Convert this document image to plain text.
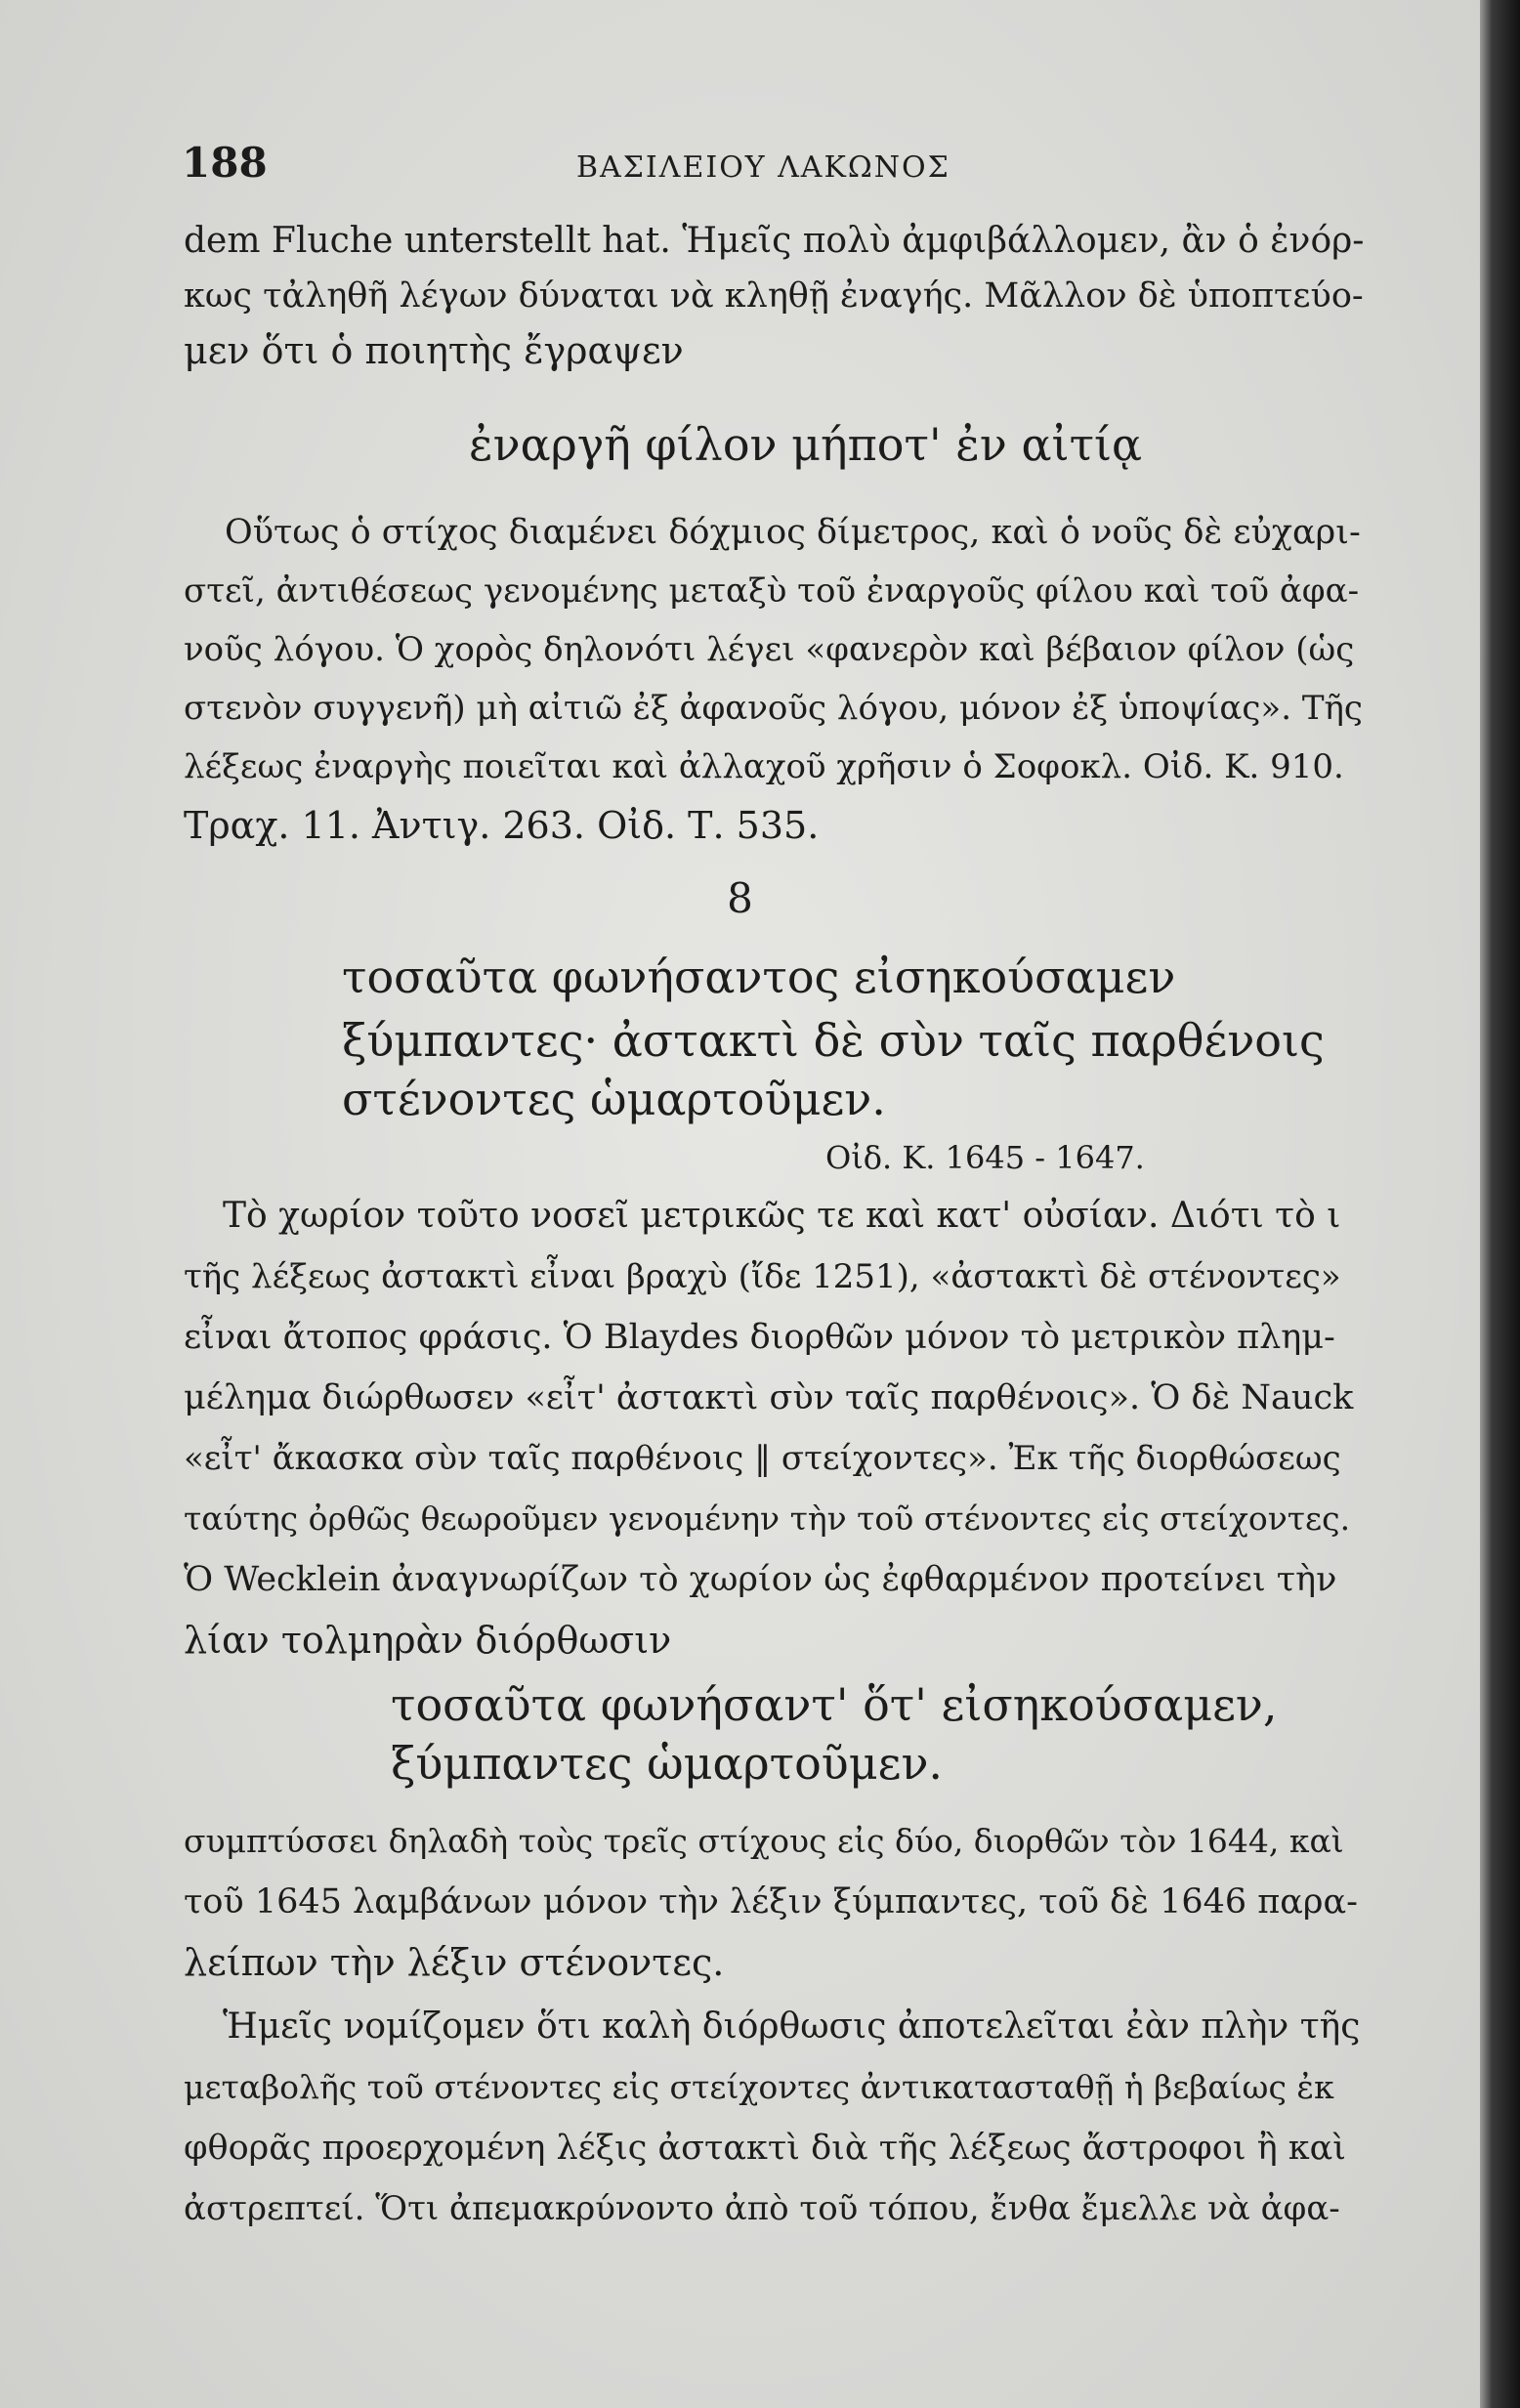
188	ΒΑΣΙΛΕΙΟΥ ΛΑΚΩΝΟΣ
dem Fluche unterstellt hat. Ἡμεῖς πολὺ ἀμφιβάλλομεν, ἂν ὁ ἐνόρ-
κως τἀληθῆ λέγων δύναται νὰ κληθῇ ἐναγής. Μᾶλλον δὲ ὑποπτεύο-
μεν ὅτι ὁ ποιητὴς ἔγραψεν
ἐναργῆ φίλον μήποτ' ἐν αἰτίᾳ
Οὕτως ὁ στίχος διαμένει δόχμιος δίμετρος, καὶ ὁ νοῦς δὲ εὐχαρι-
στεῖ, ἀντιθέσεως γενομένης μεταξὺ τοῦ ἐναργοῦς φίλου καὶ τοῦ ἀφα-
νοῦς λόγου. Ὁ χορὸς δηλονότι λέγει «φανερὸν καὶ βέβαιον φίλον (ὡς
στενὸν συγγενῆ) μὴ αἰτιῶ ἐξ ἀφανοῦς λόγου, μόνον ἐξ ὑποψίας». Τῆς
λέξεως ἐναργὴς ποιεῖται καὶ ἀλλαχοῦ χρῆσιν ὁ Σοφοκλ. Οἰδ. Κ. 910.
Τραχ. 11. Ἀντιγ. 263. Οἰδ. Τ. 535.
8
τοσαῦτα φωνήσαντος εἰσηκούσαμεν
ξύμπαντες· ἀστακτὶ δὲ σὺν ταῖς παρθένοις
στένοντες ὡμαρτοῦμεν.
Οἰδ. Κ. 1645 - 1647.
Τὸ χωρίον τοῦτο νοσεῖ μετρικῶς τε καὶ κατ' οὐσίαν. Διότι τὸ ι
τῆς λέξεως ἀστακτὶ εἶναι βραχὺ (ἴδε 1251), «ἀστακτὶ δὲ στένοντες»
εἶναι ἄτοπος φράσις. Ὁ Blaydes διορθῶν μόνον τὸ μετρικὸν πλημ-
μέλημα διώρθωσεν «εἶτ' ἀστακτὶ σὺν ταῖς παρθένοις». Ὁ δὲ Nauck
«εἶτ' ἄκασκα σὺν ταῖς παρθένοις ‖ στείχοντες». Ἐκ τῆς διορθώσεως
ταύτης ὀρθῶς θεωροῦμεν γενομένην τὴν τοῦ στένοντες εἰς στείχοντες.
Ὁ Wecklein ἀναγνωρίζων τὸ χωρίον ὡς ἐφθαρμένον προτείνει τὴν
λίαν τολμηρὰν διόρθωσιν
τοσαῦτα φωνήσαντ' ὅτ' εἰσηκούσαμεν,
ξύμπαντες ὡμαρτοῦμεν.
συμπτύσσει δηλαδὴ τοὺς τρεῖς στίχους εἰς δύο, διορθῶν τὸν 1644, καὶ
τοῦ 1645 λαμβάνων μόνον τὴν λέξιν ξύμπαντες, τοῦ δὲ 1646 παρα-
λείπων τὴν λέξιν στένοντες.
Ἡμεῖς νομίζομεν ὅτι καλὴ διόρθωσις ἀποτελεῖται ἐὰν πλὴν τῆς
μεταβολῆς τοῦ στένοντες εἰς στείχοντες ἀντικατασταθῇ ἡ βεβαίως ἐκ
φθορᾶς προερχομένη λέξις ἀστακτὶ διὰ τῆς λέξεως ἄστροφοι ἢ καὶ
ἀστρεπτεί. Ὅτι ἀπεμακρύνοντο ἀπὸ τοῦ τόπου, ἔνθα ἔμελλε νὰ ἀφα-
